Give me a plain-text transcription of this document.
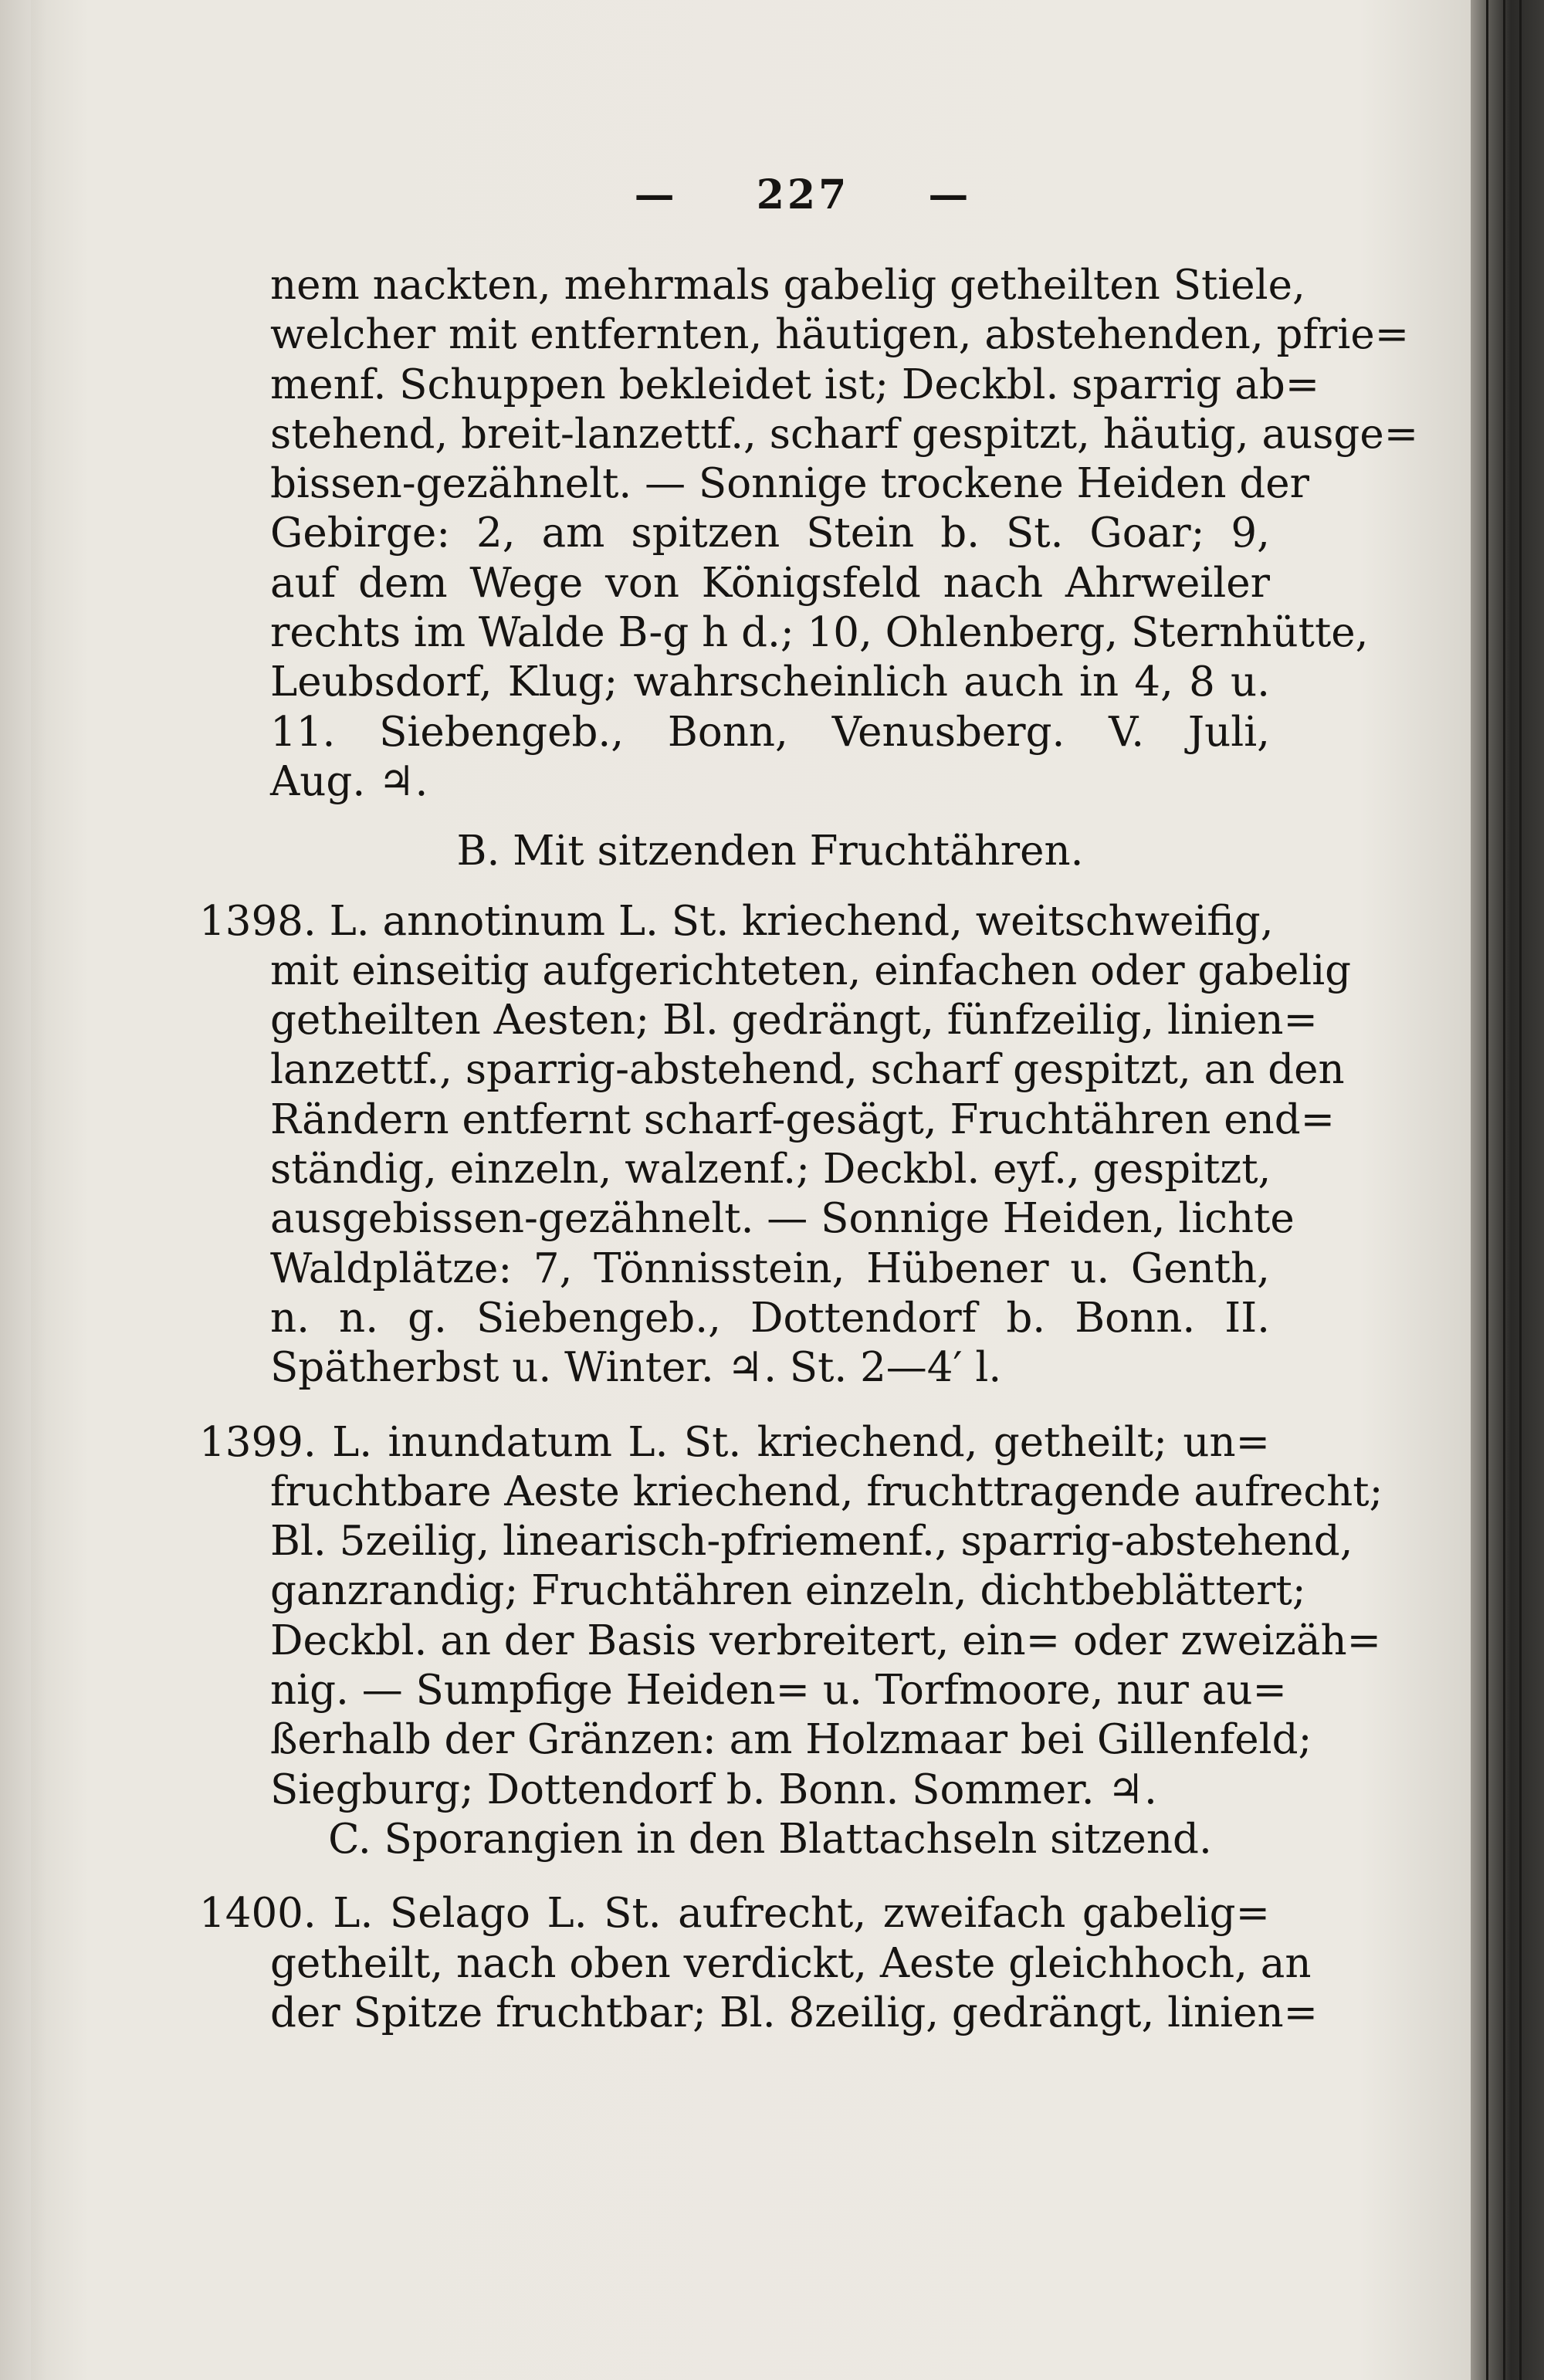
— 227 —
nem nackten, mehrmals gabelig getheilten Stiele,
welcher mit entfernten, häutigen, abstehenden, pfrie=
menf. Schuppen bekleidet ist; Deckbl. sparrig ab=
stehend, breit-lanzettf., scharf gespitzt, häutig, ausge=
bissen-gezähnelt. — Sonnige trockene Heiden der
Gebirge: 2, am spitzen Stein b. St. Goar; 9,
auf dem Wege von Königsfeld nach Ahrweiler
rechts im Walde B-g h d.; 10, Ohlenberg, Sternhütte,
Leubsdorf, Klug; wahrscheinlich auch in 4, 8 u.
11. Siebengeb., Bonn, Venusberg. V. Juli,
Aug. ♃.
B. Mit sitzenden Fruchtähren.
1398. L. annotinum L. St. kriechend, weitschweifig,
mit einseitig aufgerichteten, einfachen oder gabelig
getheilten Aesten; Bl. gedrängt, fünfzeilig, linien=
lanzettf., sparrig-abstehend, scharf gespitzt, an den
Rändern entfernt scharf-gesägt, Fruchtähren end=
ständig, einzeln, walzenf.; Deckbl. eyf., gespitzt,
ausgebissen-gezähnelt. — Sonnige Heiden, lichte
Waldplätze: 7, Tönnisstein, Hübener u. Genth,
n. n. g. Siebengeb., Dottendorf b. Bonn. II.
Spätherbst u. Winter. ♃. St. 2—4′ l.
1399. L. inundatum L. St. kriechend, getheilt; un=
fruchtbare Aeste kriechend, fruchttragende aufrecht;
Bl. 5zeilig, linearisch-pfriemenf., sparrig-abstehend,
ganzrandig; Fruchtähren einzeln, dichtbeblättert;
Deckbl. an der Basis verbreitert, ein= oder zweizäh=
nig. — Sumpfige Heiden= u. Torfmoore, nur au=
ßerhalb der Gränzen: am Holzmaar bei Gillenfeld;
Siegburg; Dottendorf b. Bonn. Sommer. ♃.
C. Sporangien in den Blattachseln sitzend.
1400. L. Selago L. St. aufrecht, zweifach gabelig=
getheilt, nach oben verdickt, Aeste gleichhoch, an
der Spitze fruchtbar; Bl. 8zeilig, gedrängt, linien=
